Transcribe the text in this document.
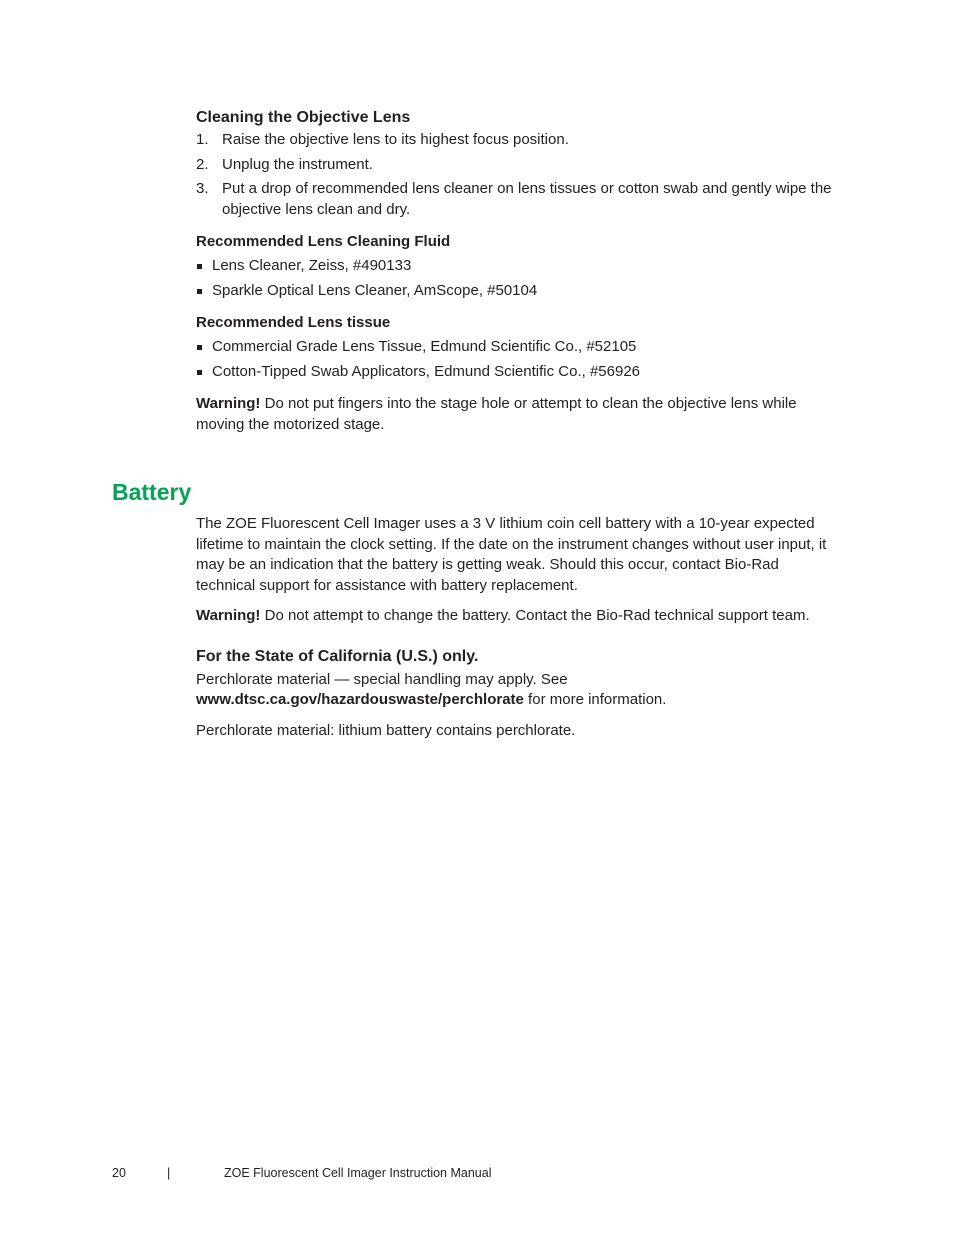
Cleaning the Objective Lens
1. Raise the objective lens to its highest focus position.
2. Unplug the instrument.
3. Put a drop of recommended lens cleaner on lens tissues or cotton swab and gently wipe the objective lens clean and dry.
Recommended Lens Cleaning Fluid
Lens Cleaner, Zeiss, #490133
Sparkle Optical Lens Cleaner, AmScope, #50104
Recommended Lens tissue
Commercial Grade Lens Tissue, Edmund Scientific Co., #52105
Cotton-Tipped Swab Applicators, Edmund Scientific Co., #56926

Warning! Do not put fingers into the stage hole or attempt to clean the objective lens while moving the motorized stage.

Battery

The ZOE Fluorescent Cell Imager uses a 3 V lithium coin cell battery with a 10-year expected lifetime to maintain the clock setting. If the date on the instrument changes without user input, it may be an indication that the battery is getting weak. Should this occur, contact Bio-Rad technical support for assistance with battery replacement.

Warning! Do not attempt to change the battery. Contact the Bio-Rad technical support team.

For the State of California (U.S.) only.
Perchlorate material — special handling may apply. See

www.dtsc.ca.gov/hazardouswaste/perchlorate for more information.

Perchlorate material: lithium battery contains perchlorate.

20	|	ZOE Fluorescent Cell Imager Instruction Manual
